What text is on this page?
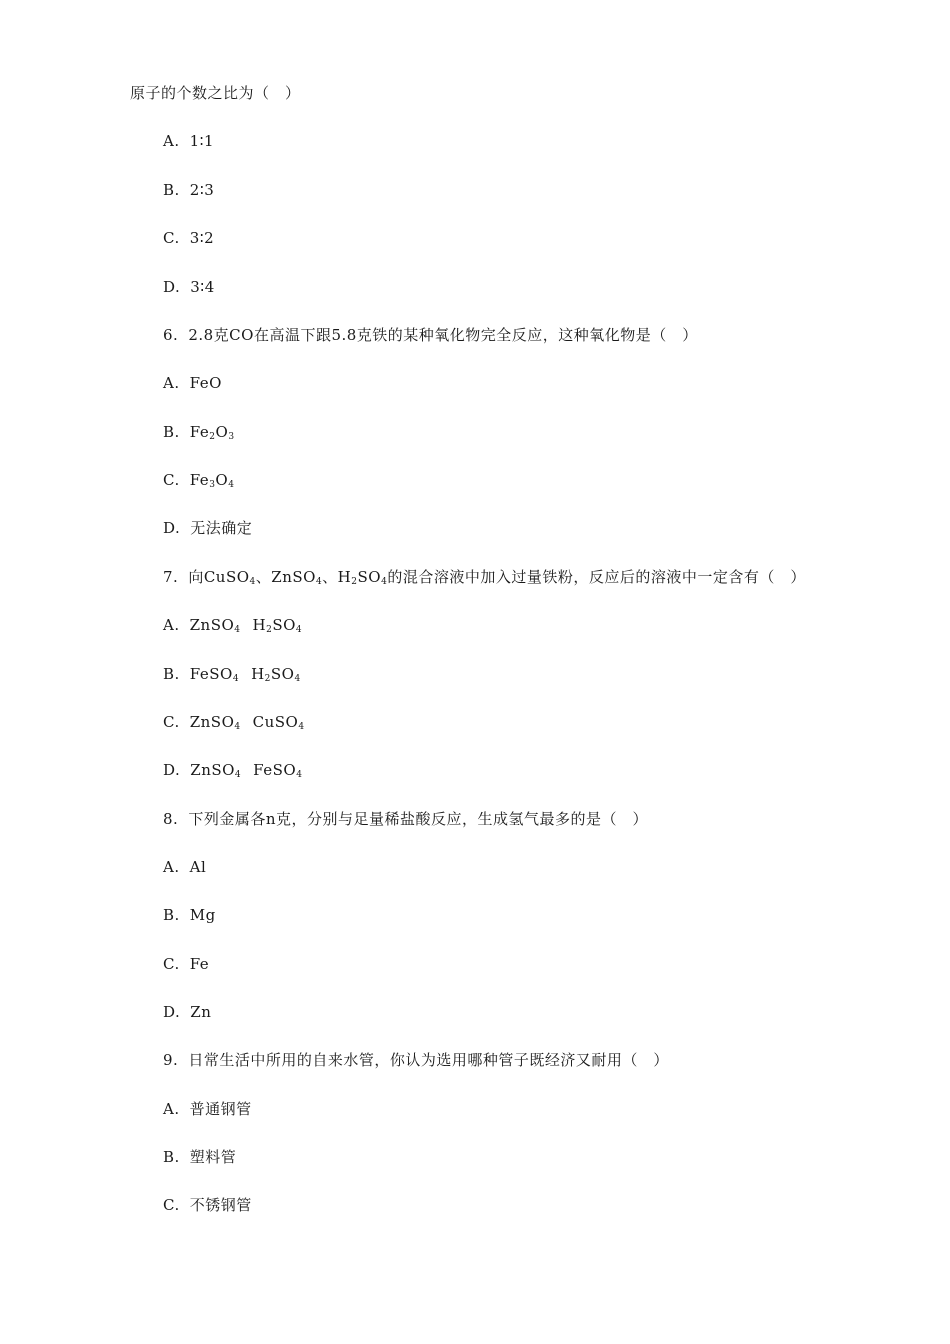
原子的个数之比为（　）
A. 1∶1
B. 2∶3
C. 3∶2
D. 3∶4
6. 2.8克CO在高温下跟5.8克铁的某种氧化物完全反应，这种氧化物是（　）
A. FeO
B. $Fe_2O_3$
C. $Fe_3O_4$
D. 无法确定
7. 向CuSO$_4$、ZnSO$_4$、$H_2SO_4$的混合溶液中加入过量铁粉，反应后的溶液中一定含有（　）
A. ZnSO$_4$ $H_2SO_4$
B. FeSO$_4$ $H_2SO_4$
C. ZnSO$_4$ CuSO$_4$
D. ZnSO$_4$ FeSO$_4$
8. 下列金属各n克，分别与足量稀盐酸反应，生成氢气最多的是（　）
A. Al
B. Mg
C. Fe
D. Zn
9. 日常生活中所用的自来水管，你认为选用哪种管子既经济又耐用（　）
A. 普通钢管
B. 塑料管
C. 不锈钢管
